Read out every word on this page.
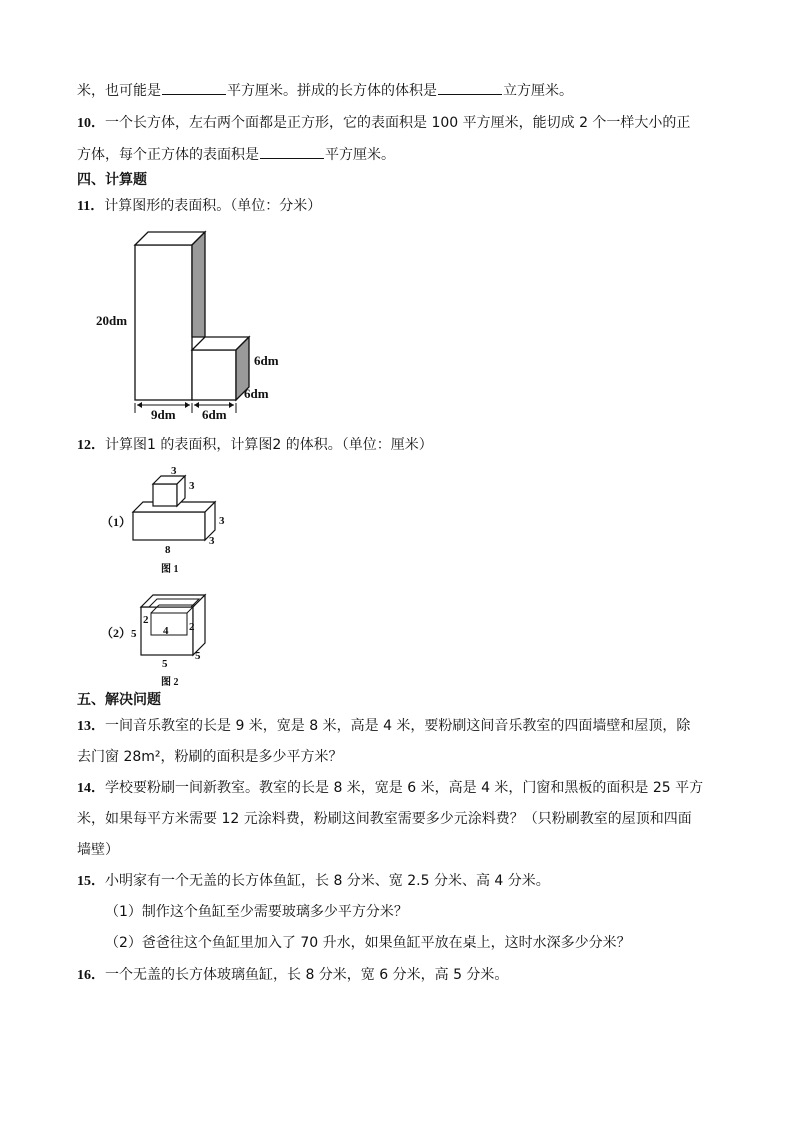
米，也可能是	平方厘米。拼成的长方体的体积是	立方厘米。
10．一个长方体，左右两个面都是正方形，它的表面积是 100 平方厘米，能切成 2 个一样大小的正
方体，每个正方体的表面积是	平方厘米。
四、计算题
11．计算图形的表面积。（单位：分米）
20dm
6dm
6dm
9dm 6dm
12．计算图1 的表面积，计算图2 的体积。（单位：厘米）
（1）
3
3
3
3
8
图 1
（2） 5
2
4 2
5
5
图 2
五、解决问题
13．一间音乐教室的长是 9 米，宽是 8 米，高是 4 米，要粉刷这间音乐教室的四面墙壁和屋顶，除
去门窗 28m²，粉刷的面积是多少平方米？
14．学校要粉刷一间新教室。教室的长是 8 米，宽是 6 米，高是 4 米，门窗和黑板的面积是 25 平方
米，如果每平方米需要 12 元涂料费，粉刷这间教室需要多少元涂料费？（只粉刷教室的屋顶和四面
墙壁）
15．小明家有一个无盖的长方体鱼缸，长 8 分米、宽 2.5 分米、高 4 分米。
（1）制作这个鱼缸至少需要玻璃多少平方分米？
（2）爸爸往这个鱼缸里加入了 70 升水，如果鱼缸平放在桌上，这时水深多少分米？
16．一个无盖的长方体玻璃鱼缸，长 8 分米，宽 6 分米，高 5 分米。
